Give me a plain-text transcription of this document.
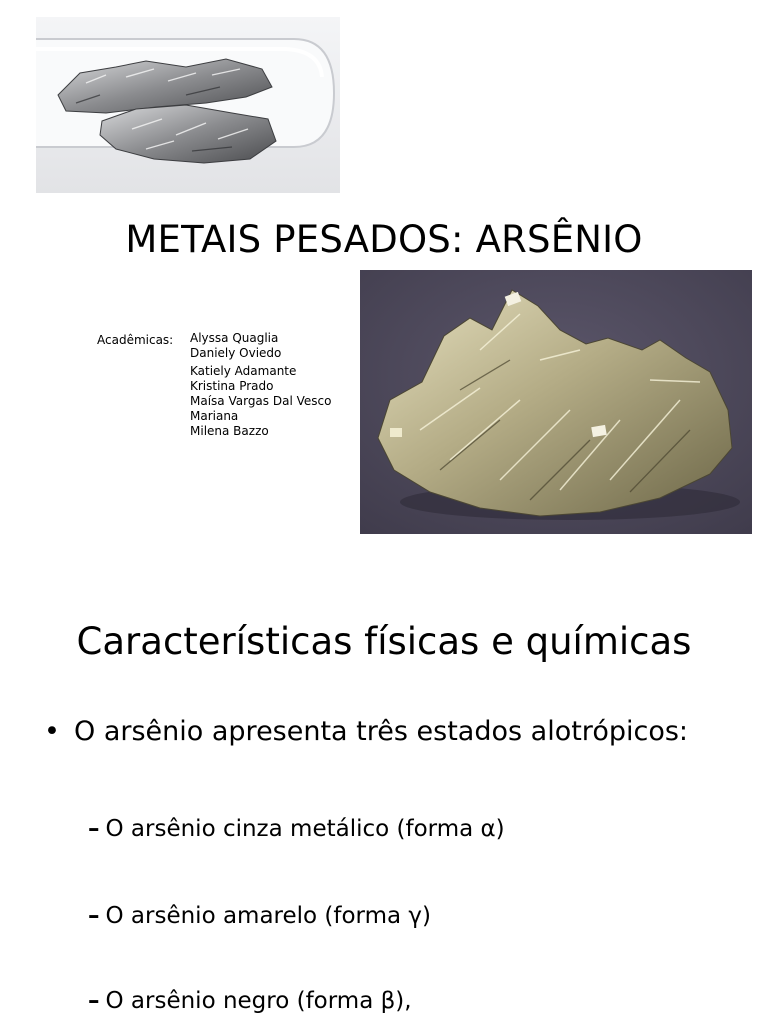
METAIS PESADOS: ARSÊNIO
Acadêmicas: Alyssa Quaglia
Daniely Oviedo
Katiely Adamante
Kristina Prado
Maísa Vargas Dal Vesco
Mariana
Milena Bazzo
Características físicas e químicas
• O arsênio apresenta três estados alotrópicos:
– O arsênio cinza metálico (forma α)
– O arsênio amarelo (forma γ)
– O arsênio negro (forma β),
